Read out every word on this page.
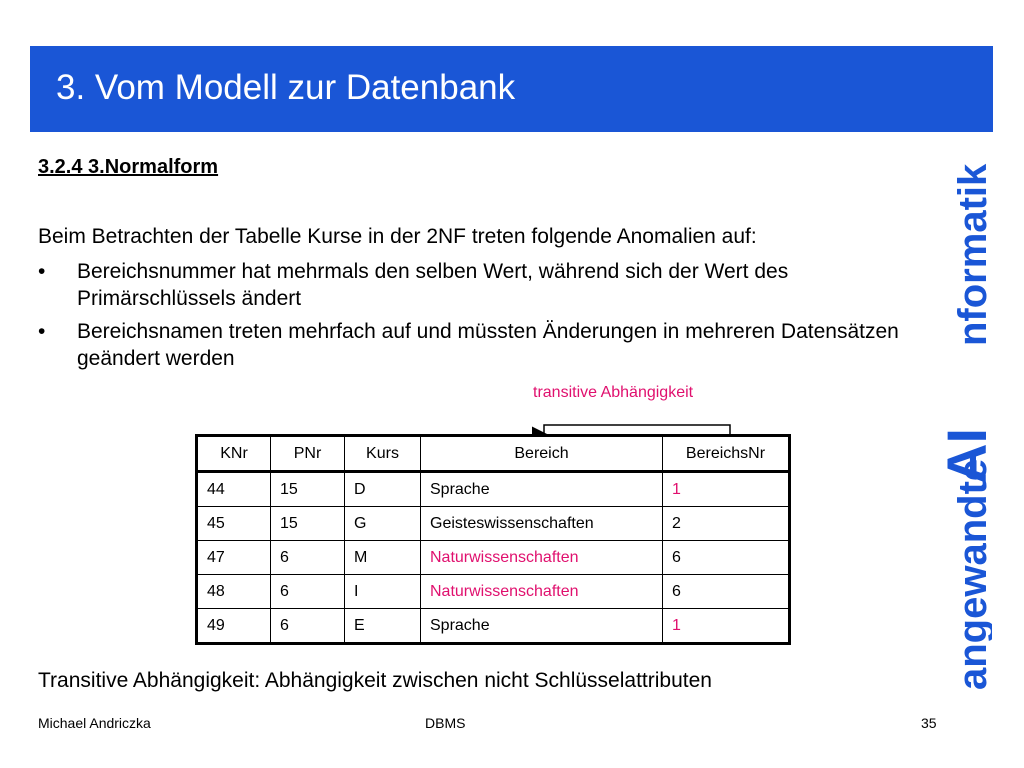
3. Vom Modell zur Datenbank
3.2.4 3.Normalform
Beim Betrachten der Tabelle Kurse in der 2NF treten folgende Anomalien auf:
• Bereichsnummer hat mehrmals den selben Wert, während sich der Wert des Primärschlüssels ändert
• Bereichsnamen treten mehrfach auf und müssten Änderungen in mehreren Datensätzen geändert werden
transitive Abhängigkeit
KNr	PNr	Kurs	Bereich	BereichsNr
44	15	D	Sprache	1
45	15	G	Geisteswissenschaften	2
47	6	M	Naturwissenschaften	6
48	6	I	Naturwissenschaften	6
49	6	E	Sprache	1
Transitive Abhängigkeit: Abhängigkeit zwischen nicht Schlüsselattributen
Michael Andriczka	DBMS	35
angewandte
AI
nformatik
